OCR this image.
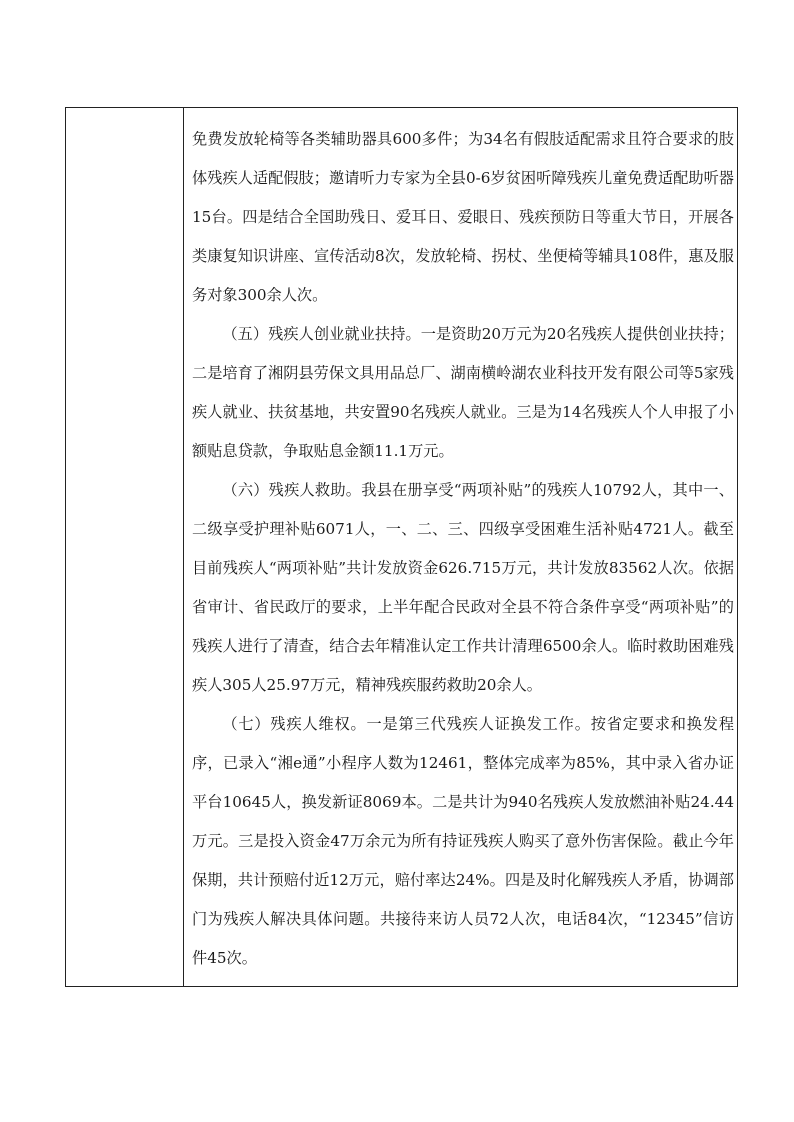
免费发放轮椅等各类辅助器具600多件；为34名有假肢适配需求且符合要求的肢体残疾人适配假肢；邀请听力专家为全县0-6岁贫困听障残疾儿童免费适配助听器15台。四是结合全国助残日、爱耳日、爱眼日、残疾预防日等重大节日，开展各类康复知识讲座、宣传活动8次，发放轮椅、拐杖、坐便椅等辅具108件，惠及服务对象300余人次。

（五）残疾人创业就业扶持。一是资助20万元为20名残疾人提供创业扶持；二是培育了湘阴县劳保文具用品总厂、湖南横岭湖农业科技开发有限公司等5家残疾人就业、扶贫基地，共安置90名残疾人就业。三是为14名残疾人个人申报了小额贴息贷款，争取贴息金额11.1万元。

（六）残疾人救助。我县在册享受“两项补贴”的残疾人10792人，其中一、二级享受护理补贴6071人，一、二、三、四级享受困难生活补贴4721人。截至目前残疾人“两项补贴”共计发放资金626.715万元，共计发放83562人次。依据省审计、省民政厅的要求，上半年配合民政对全县不符合条件享受“两项补贴”的残疾人进行了清查，结合去年精准认定工作共计清理6500余人。临时救助困难残疾人305人25.97万元，精神残疾服药救助20余人。

（七）残疾人维权。一是第三代残疾人证换发工作。按省定要求和换发程序，已录入“湘e通”小程序人数为12461，整体完成率为85%，其中录入省办证平台10645人，换发新证8069本。二是共计为940名残疾人发放燃油补贴24.44万元。三是投入资金47万余元为所有持证残疾人购买了意外伤害保险。截止今年保期，共计预赔付近12万元，赔付率达24%。四是及时化解残疾人矛盾，协调部门为残疾人解决具体问题。共接待来访人员72人次，电话84次，“12345”信访件45次。
